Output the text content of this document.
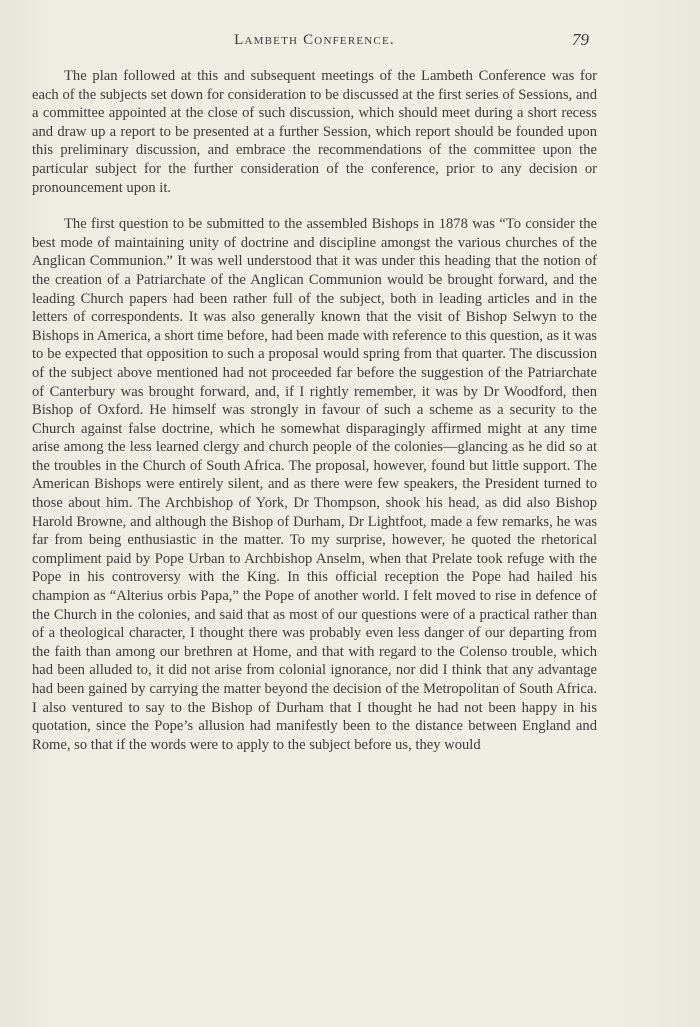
Lambeth Conference.	79

The plan followed at this and subsequent meetings of the Lambeth Conference was for each of the subjects set down for consideration to be discussed at the first series of Sessions, and a committee appointed at the close of such discussion, which should meet during a short recess and draw up a report to be presented at a further Session, which report should be founded upon this preliminary discussion, and embrace the recommendations of the committee upon the particular subject for the further consideration of the conference, prior to any decision or pronouncement upon it.

The first question to be submitted to the assembled Bishops in 1878 was “To consider the best mode of maintaining unity of doctrine and discipline amongst the various churches of the Anglican Communion.” It was well understood that it was under this heading that the notion of the creation of a Patriarchate of the Anglican Communion would be brought forward, and the leading Church papers had been rather full of the subject, both in leading articles and in the letters of correspondents. It was also generally known that the visit of Bishop Selwyn to the Bishops in America, a short time before, had been made with reference to this question, as it was to be expected that opposition to such a proposal would spring from that quarter. The discussion of the subject above mentioned had not proceeded far before the suggestion of the Patriarchate of Canterbury was brought forward, and, if I rightly remember, it was by Dr Woodford, then Bishop of Oxford. He himself was strongly in favour of such a scheme as a security to the Church against false doctrine, which he somewhat disparagingly affirmed might at any time arise among the less learned clergy and church people of the colonies—glancing as he did so at the troubles in the Church of South Africa. The proposal, however, found but little support. The American Bishops were entirely silent, and as there were few speakers, the President turned to those about him. The Archbishop of York, Dr Thompson, shook his head, as did also Bishop Harold Browne, and although the Bishop of Durham, Dr Lightfoot, made a few remarks, he was far from being enthusiastic in the matter. To my surprise, however, he quoted the rhetorical compliment paid by Pope Urban to Archbishop Anselm, when that Prelate took refuge with the Pope in his controversy with the King. In this official reception the Pope had hailed his champion as “Alterius orbis Papa,” the Pope of another world. I felt moved to rise in defence of the Church in the colonies, and said that as most of our questions were of a practical rather than of a theological character, I thought there was probably even less danger of our departing from the faith than among our brethren at Home, and that with regard to the Colenso trouble, which had been alluded to, it did not arise from colonial ignorance, nor did I think that any advantage had been gained by carrying the matter beyond the decision of the Metropolitan of South Africa. I also ventured to say to the Bishop of Durham that I thought he had not been happy in his quotation, since the Pope’s allusion had manifestly been to the distance between England and Rome, so that if the words were to apply to the subject before us, they would
